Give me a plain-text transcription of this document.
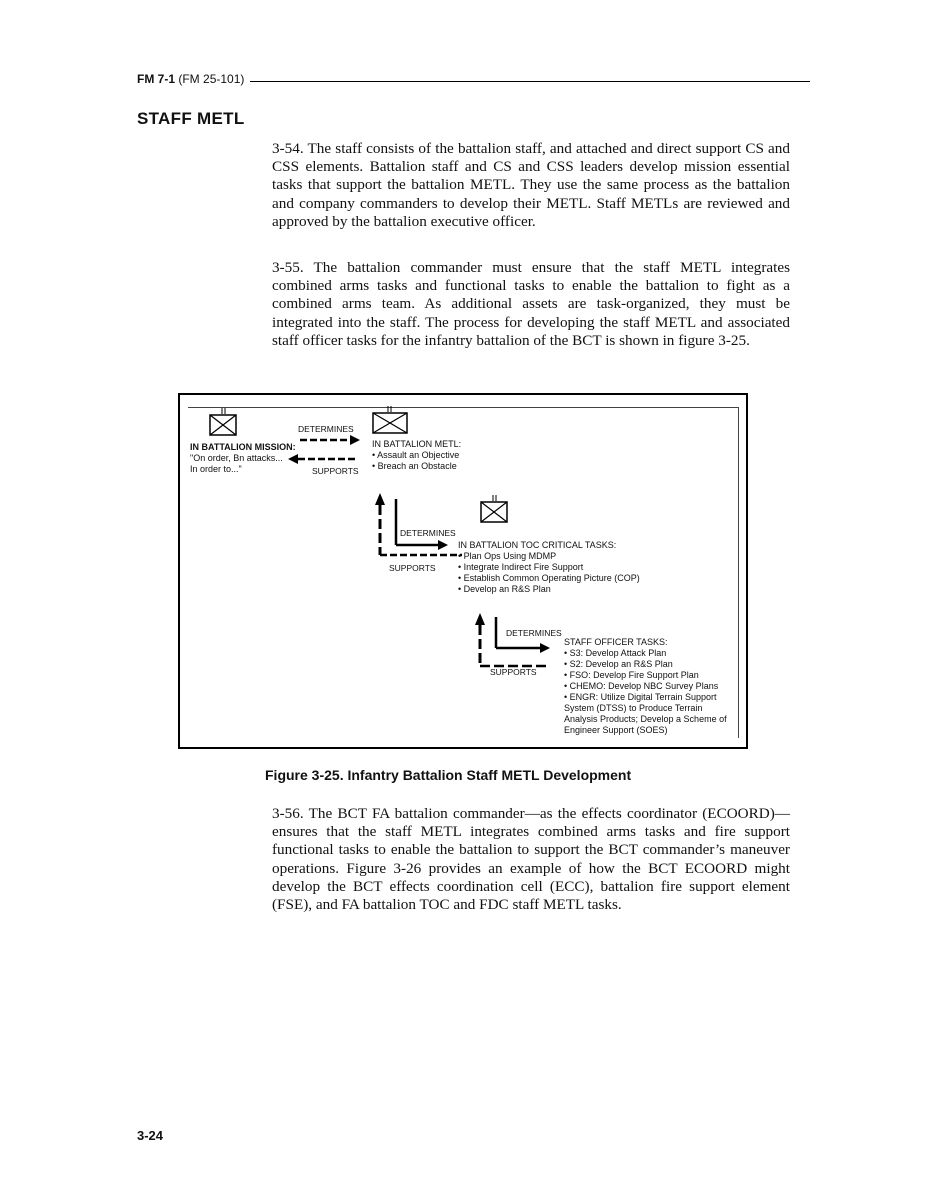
FM 7-1 (FM 25-101)
STAFF METL

3-54. The staff consists of the battalion staff, and attached and direct support CS and CSS elements. Battalion staff and CS and CSS leaders develop mission essential tasks that support the battalion METL. They use the same process as the battalion and company commanders to develop their METL. Staff METLs are reviewed and approved by the battalion executive officer.

3-55. The battalion commander must ensure that the staff METL integrates combined arms tasks and functional tasks to enable the battalion to fight as a combined arms team. As additional assets are task-organized, they must be integrated into the staff. The process for developing the staff METL and associated staff officer tasks for the infantry battalion of the BCT is shown in figure 3-25.

DETERMINES
IN BATTALION MISSION:
"On order, Bn attacks...
In order to..."	SUPPORTS
IN BATTALION METL:
• Assault an Objective
• Breach an Obstacle
DETERMINES
SUPPORTS
IN BATTALION TOC CRITICAL TASKS:
• Plan Ops Using MDMP
• Integrate Indirect Fire Support
• Establish Common Operating Picture (COP)
• Develop an R&S Plan
DETERMINES
SUPPORTS
STAFF OFFICER TASKS:
• S3: Develop Attack Plan
• S2: Develop an R&S Plan
• FSO: Develop Fire Support Plan
• CHEMO: Develop NBC Survey Plans
• ENGR: Utilize Digital Terrain Support System (DTSS) to Produce Terrain Analysis Products; Develop a Scheme of Engineer Support (SOES)
Figure 3-25. Infantry Battalion Staff METL Development

3-56. The BCT FA battalion commander—as the effects coordinator (ECOORD)—ensures that the staff METL integrates combined arms tasks and fire support functional tasks to enable the battalion to support the BCT commander’s maneuver operations. Figure 3-26 provides an example of how the BCT ECOORD might develop the BCT effects coordination cell (ECC), battalion fire support element (FSE), and FA battalion TOC and FDC staff METL tasks.

3-24
